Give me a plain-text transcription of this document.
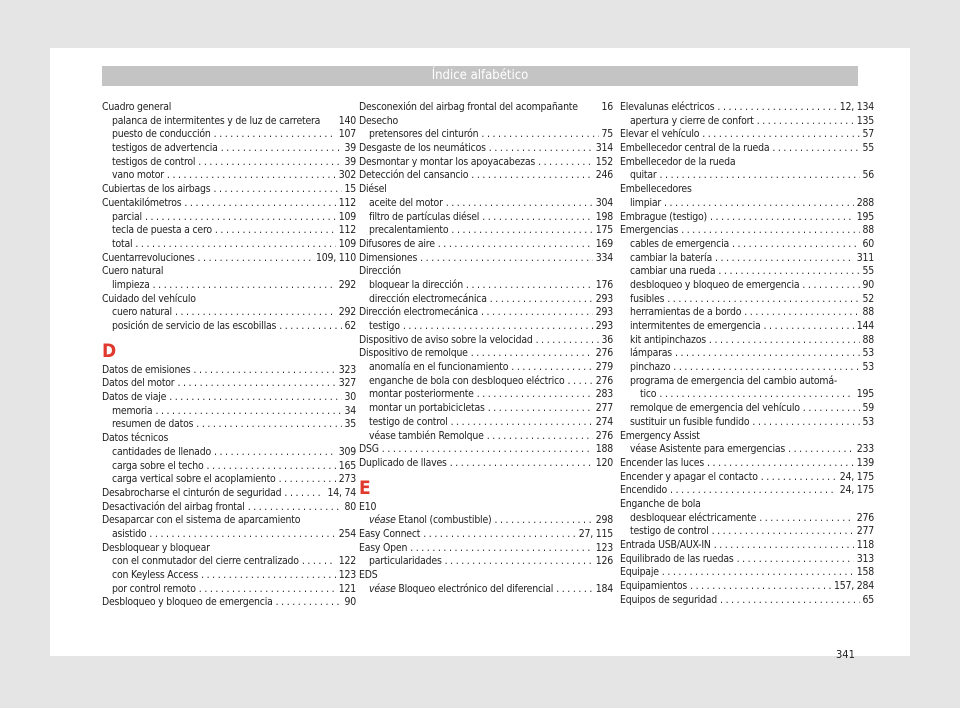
Índice alfabético
Cuadro general
palanca de intermitentes y de luz de carretera 140
puesto de conducción . . .	107
testigos de advertencia . . .	39
testigos de control . . .	39
vano motor . . .	302
Cubiertas de los airbags . . .	15
Cuentakilómetros . . .	112
parcial . . .	109
tecla de puesta a cero . . .	112
total . . .	109
Cuentarrevoluciones . . .	109, 110
Cuero natural
limpieza . . .	292
Cuidado del vehículo
cuero natural . . .	292
posición de servicio de las escobillas . . .	62
D
Datos de emisiones . . .	323
Datos del motor . . .	327
Datos de viaje . . .	30
memoria . . .	34
resumen de datos . . .	35
Datos técnicos
cantidades de llenado . . .	309
carga sobre el techo . . .	165
carga vertical sobre el acoplamiento . . .	273
Desabrocharse el cinturón de seguridad . . .	14, 74
Desactivación del airbag frontal . . .	80
Desaparcar con el sistema de aparcamiento
asistido . . .	254
Desbloquear y bloquear
con el conmutador del cierre centralizado . . .	122
con Keyless Access . . .	123
por control remoto . . .	121
Desbloqueo y bloqueo de emergencia . . .	90
Desconexión del airbag frontal del acompañante 16
Desecho
pretensores del cinturón . . .	75
Desgaste de los neumáticos . . .	314
Desmontar y montar los apoyacabezas . . .	152
Detección del cansancio . . .	246
Diésel
aceite del motor . . .	304
filtro de partículas diésel . . .	198
precalentamiento . . .	175
Difusores de aire . . .	169
Dimensiones . . .	334
Dirección
bloquear la dirección . . .	176
dirección electromecánica . . .	293
Dirección electromecánica . . .	293
testigo . . .	293
Dispositivo de aviso sobre la velocidad . . .	36
Dispositivo de remolque . . .	276
anomalía en el funcionamiento . . .	279
enganche de bola con desbloqueo eléctrico . . .	276
montar posteriormente . . .	283
montar un portabicicletas . . .	277
testigo de control . . .	274
véase también Remolque . . .	276
DSG . . .	188
Duplicado de llaves . . .	120
E
E10
véase Etanol (combustible) . . .	298
Easy Connect . . .	27, 115
Easy Open . . .	123
particularidades . . .	126
EDS
véase Bloqueo electrónico del diferencial . . .	184
Elevalunas eléctricos . . .	12, 134
apertura y cierre de confort . . .	135
Elevar el vehículo . . .	57
Embellecedor central de la rueda . . .	55
Embellecedor de la rueda
quitar . . .	56
Embellecedores
limpiar . . .	288
Embrague (testigo) . . .	195
Emergencias . . .	88
cables de emergencia . . .	60
cambiar la batería . . .	311
cambiar una rueda . . .	55
desbloqueo y bloqueo de emergencia . . .	90
fusibles . . .	52
herramientas de a bordo . . .	88
intermitentes de emergencia . . .	144
kit antipinchazos . . .	88
lámparas . . .	53
pinchazo . . .	53
programa de emergencia del cambio automá-
tico . . .	195
remolque de emergencia del vehículo . . .	59
sustituir un fusible fundido . . .	53
Emergency Assist
véase Asistente para emergencias . . .	233
Encender las luces . . .	139
Encender y apagar el contacto . . .	24, 175
Encendido . . .	24, 175
Enganche de bola
desbloquear eléctricamente . . .	276
testigo de control . . .	277
Entrada USB/AUX-IN . . .	118
Equilibrado de las ruedas . . .	313
Equipaje . . .	158
Equipamientos . . .	157, 284
Equipos de seguridad . . .	65
341
